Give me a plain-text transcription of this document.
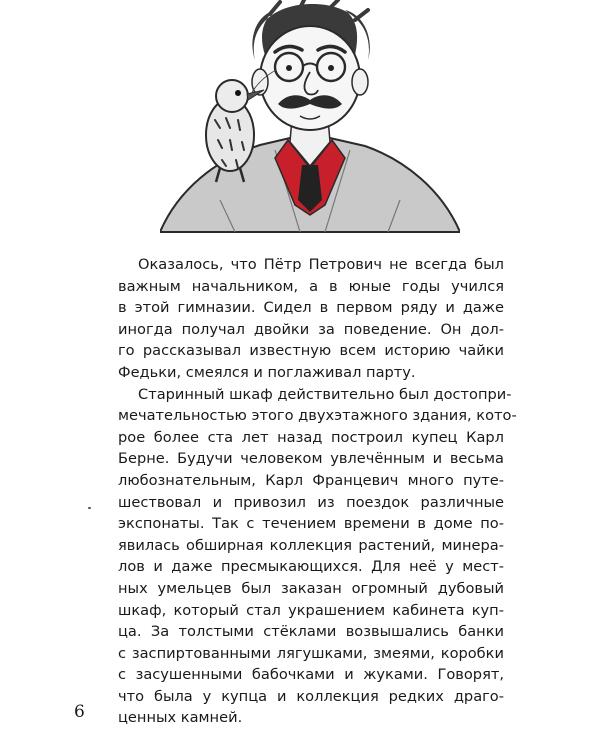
Оказалось, что Пётр Петрович не всегда был
важным начальником, а в юные годы учился
в этой гимназии. Сидел в первом ряду и даже
иногда получал двойки за поведение. Он дол-
го рассказывал известную всем историю чайки
Федьки, смеялся и поглаживал парту.
Старинный шкаф действительно был достопри-
мечательностью этого двухэтажного здания, кото-
рое более ста лет назад построил купец Карл
Берне. Будучи человеком увлечённым и весьма
любознательным, Карл Францевич много путе-
шествовал и привозил из поездок различные
экспонаты. Так с течением времени в доме по-
явилась обширная коллекция растений, минера-
лов и даже пресмыкающихся. Для неё у мест-
ных умельцев был заказан огромный дубовый
шкаф, который стал украшением кабинета куп-
ца. За толстыми стёклами возвышались банки
с заспиртованными лягушками, змеями, коробки
с засушенными бабочками и жуками. Говорят,
что была у купца и коллекция редких драго-
ценных камней.
6
